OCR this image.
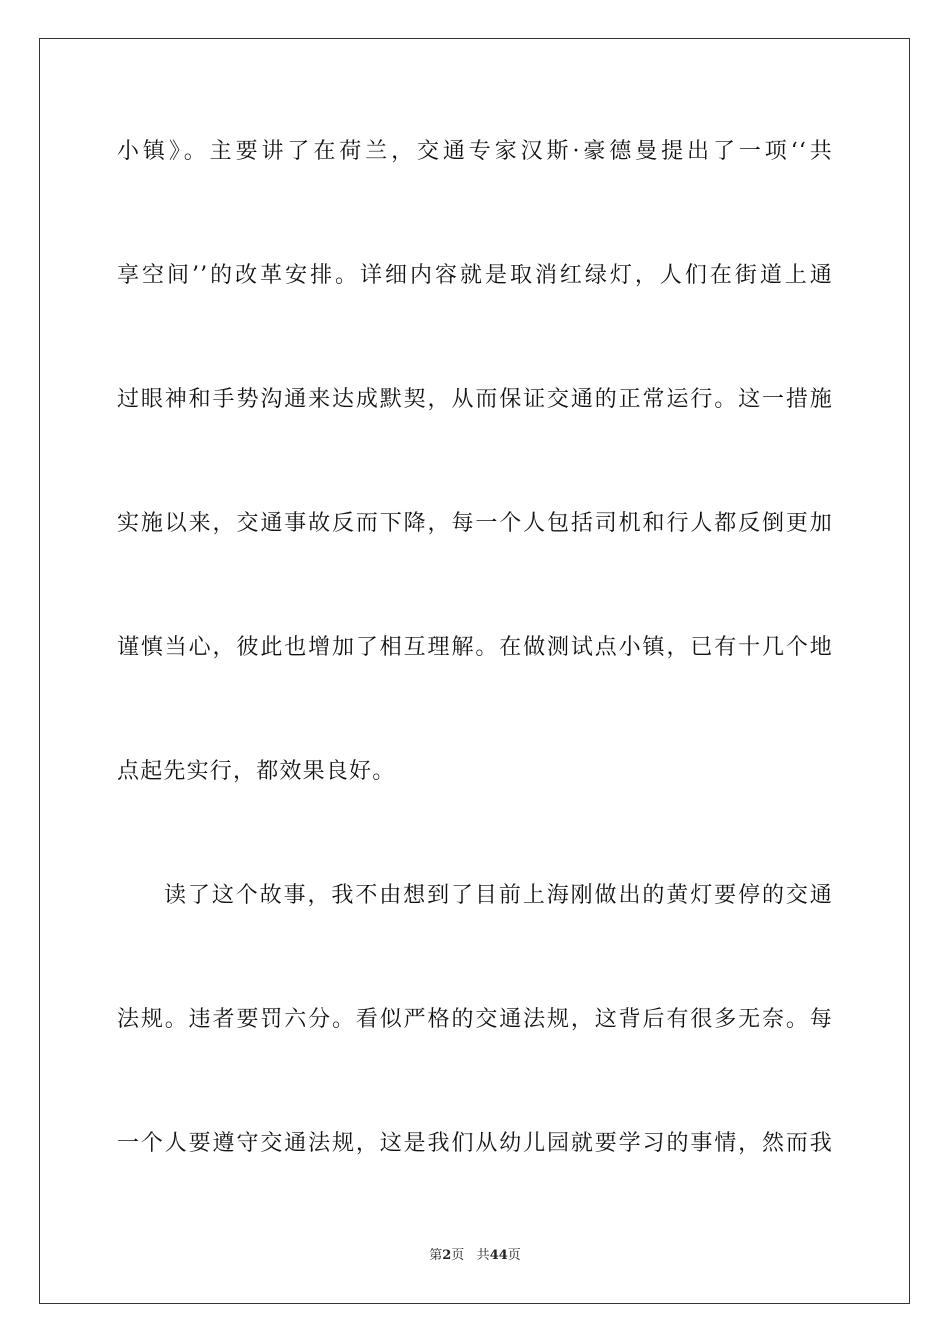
小镇》。主要讲了在荷兰，交通专家汉斯·豪德曼提出了一项‘‘共
享空间’’的改革安排。详细内容就是取消红绿灯，人们在街道上通
过眼神和手势沟通来达成默契，从而保证交通的正常运行。这一措施
实施以来，交通事故反而下降，每一个人包括司机和行人都反倒更加
谨慎当心，彼此也增加了相互理解。在做测试点小镇，已有十几个地
点起先实行，都效果良好。
读了这个故事，我不由想到了目前上海刚做出的黄灯要停的交通
法规。违者要罚六分。看似严格的交通法规，这背后有很多无奈。每
一个人要遵守交通法规，这是我们从幼儿园就要学习的事情，然而我
第2页 共44页
